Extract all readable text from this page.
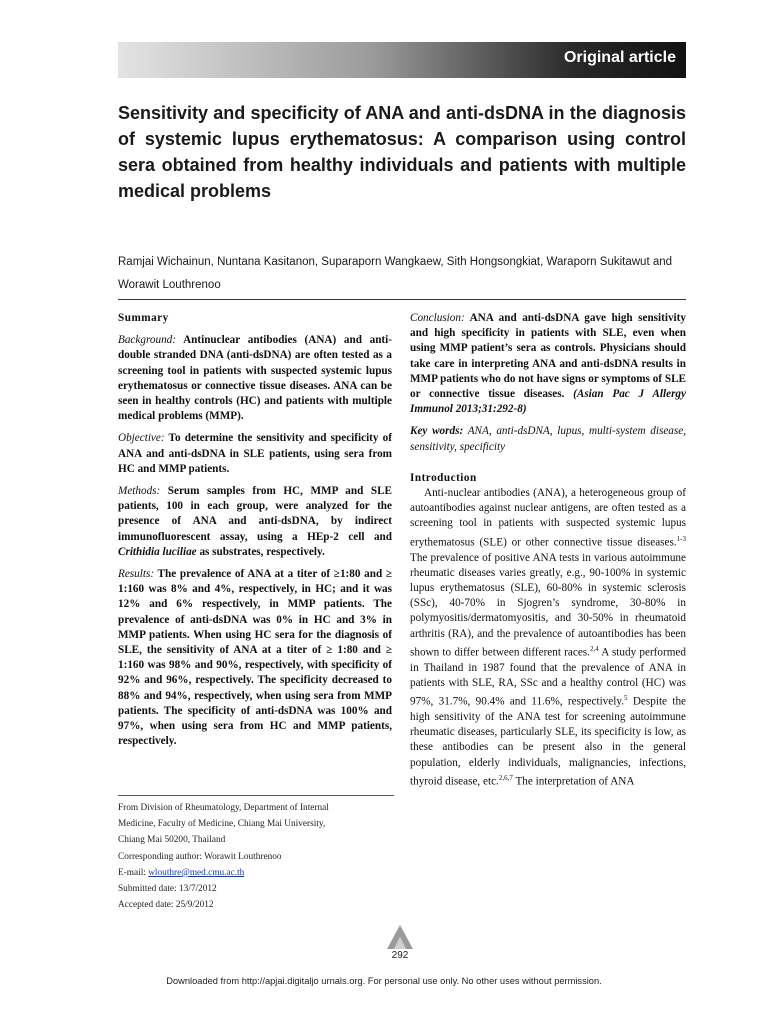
Original article
Sensitivity and specificity of ANA and anti-dsDNA in the diagnosis of systemic lupus erythematosus: A comparison using control sera obtained from healthy individuals and patients with multiple medical problems
Ramjai Wichainun, Nuntana Kasitanon, Suparaporn Wangkaew, Sith Hongsongkiat, Waraporn Sukitawut and Worawit Louthrenoo

Summary

Background: Antinuclear antibodies (ANA) and anti-double stranded DNA (anti-dsDNA) are often tested as a screening tool in patients with suspected systemic lupus erythematosus or connective tissue diseases. ANA can be seen in healthy controls (HC) and patients with multiple medical problems (MMP).

Objective: To determine the sensitivity and specificity of ANA and anti-dsDNA in SLE patients, using sera from HC and MMP patients.

Methods: Serum samples from HC, MMP and SLE patients, 100 in each group, were analyzed for the presence of ANA and anti-dsDNA, by indirect immunofluorescent assay, using a HEp-2 cell and Crithidia luciliae as substrates, respectively.

Results: The prevalence of ANA at a titer of ≥1:80 and ≥ 1:160 was 8% and 4%, respectively, in HC; and it was 12% and 6% respectively, in MMP patients. The prevalence of anti-dsDNA was 0% in HC and 3% in MMP patients. When using HC sera for the diagnosis of SLE, the sensitivity of ANA at a titer of ≥ 1:80 and ≥ 1:160 was 98% and 90%, respectively, with specificity of 92% and 96%, respectively. The specificity decreased to 88% and 94%, respectively, when using sera from MMP patients. The specificity of anti-dsDNA was 100% and 97%, when using sera from HC and MMP patients, respectively.

Conclusion: ANA and anti-dsDNA gave high sensitivity and high specificity in patients with SLE, even when using MMP patient’s sera as controls. Physicians should take care in interpreting ANA and anti-dsDNA results in MMP patients who do not have signs or symptoms of SLE or connective tissue diseases. (Asian Pac J Allergy Immunol 2013;31:292-8)

Key words: ANA, anti-dsDNA, lupus, multi-system disease, sensitivity, specificity

Introduction

Anti-nuclear antibodies (ANA), a heterogeneous group of autoantibodies against nuclear antigens, are often tested as a screening tool in patients with suspected systemic lupus erythematosus (SLE) or other connective tissue diseases.$^{1-3}$ The prevalence of positive ANA tests in various autoimmune rheumatic diseases varies greatly, e.g., 90-100% in systemic lupus erythematosus (SLE), 60-80% in systemic sclerosis (SSc), 40-70% in Sjogren’s syndrome, 30-80% in polymyositis/dermatomyositis, and 30-50% in rheumatoid arthritis (RA), and the prevalence of autoantibodies has been shown to differ between different races.$^{2,4}$ A study performed in Thailand in 1987 found that the prevalence of ANA in patients with SLE, RA, SSc and a healthy control (HC) was 97%, 31.7%, 90.4% and 11.6%, respectively.$^5$ Despite the high sensitivity of the ANA test for screening autoimmune rheumatic diseases, particularly SLE, its specificity is low, as these antibodies can be present also in the general population, elderly individuals, malignancies, infections, thyroid disease, etc.$^{2,6,7}$ The interpretation of ANA

From Division of Rheumatology, Department of Internal
Medicine, Faculty of Medicine, Chiang Mai University,
Chiang Mai 50200, Thailand
Corresponding author: Worawit Louthrenoo
E-mail: wlouthre@med.cmu.ac.th
Submitted date: 13/7/2012
Accepted date: 25/9/2012
292
Downloaded from http://apjai.digitaljo urnals.org. For personal use only. No other uses without permission.
